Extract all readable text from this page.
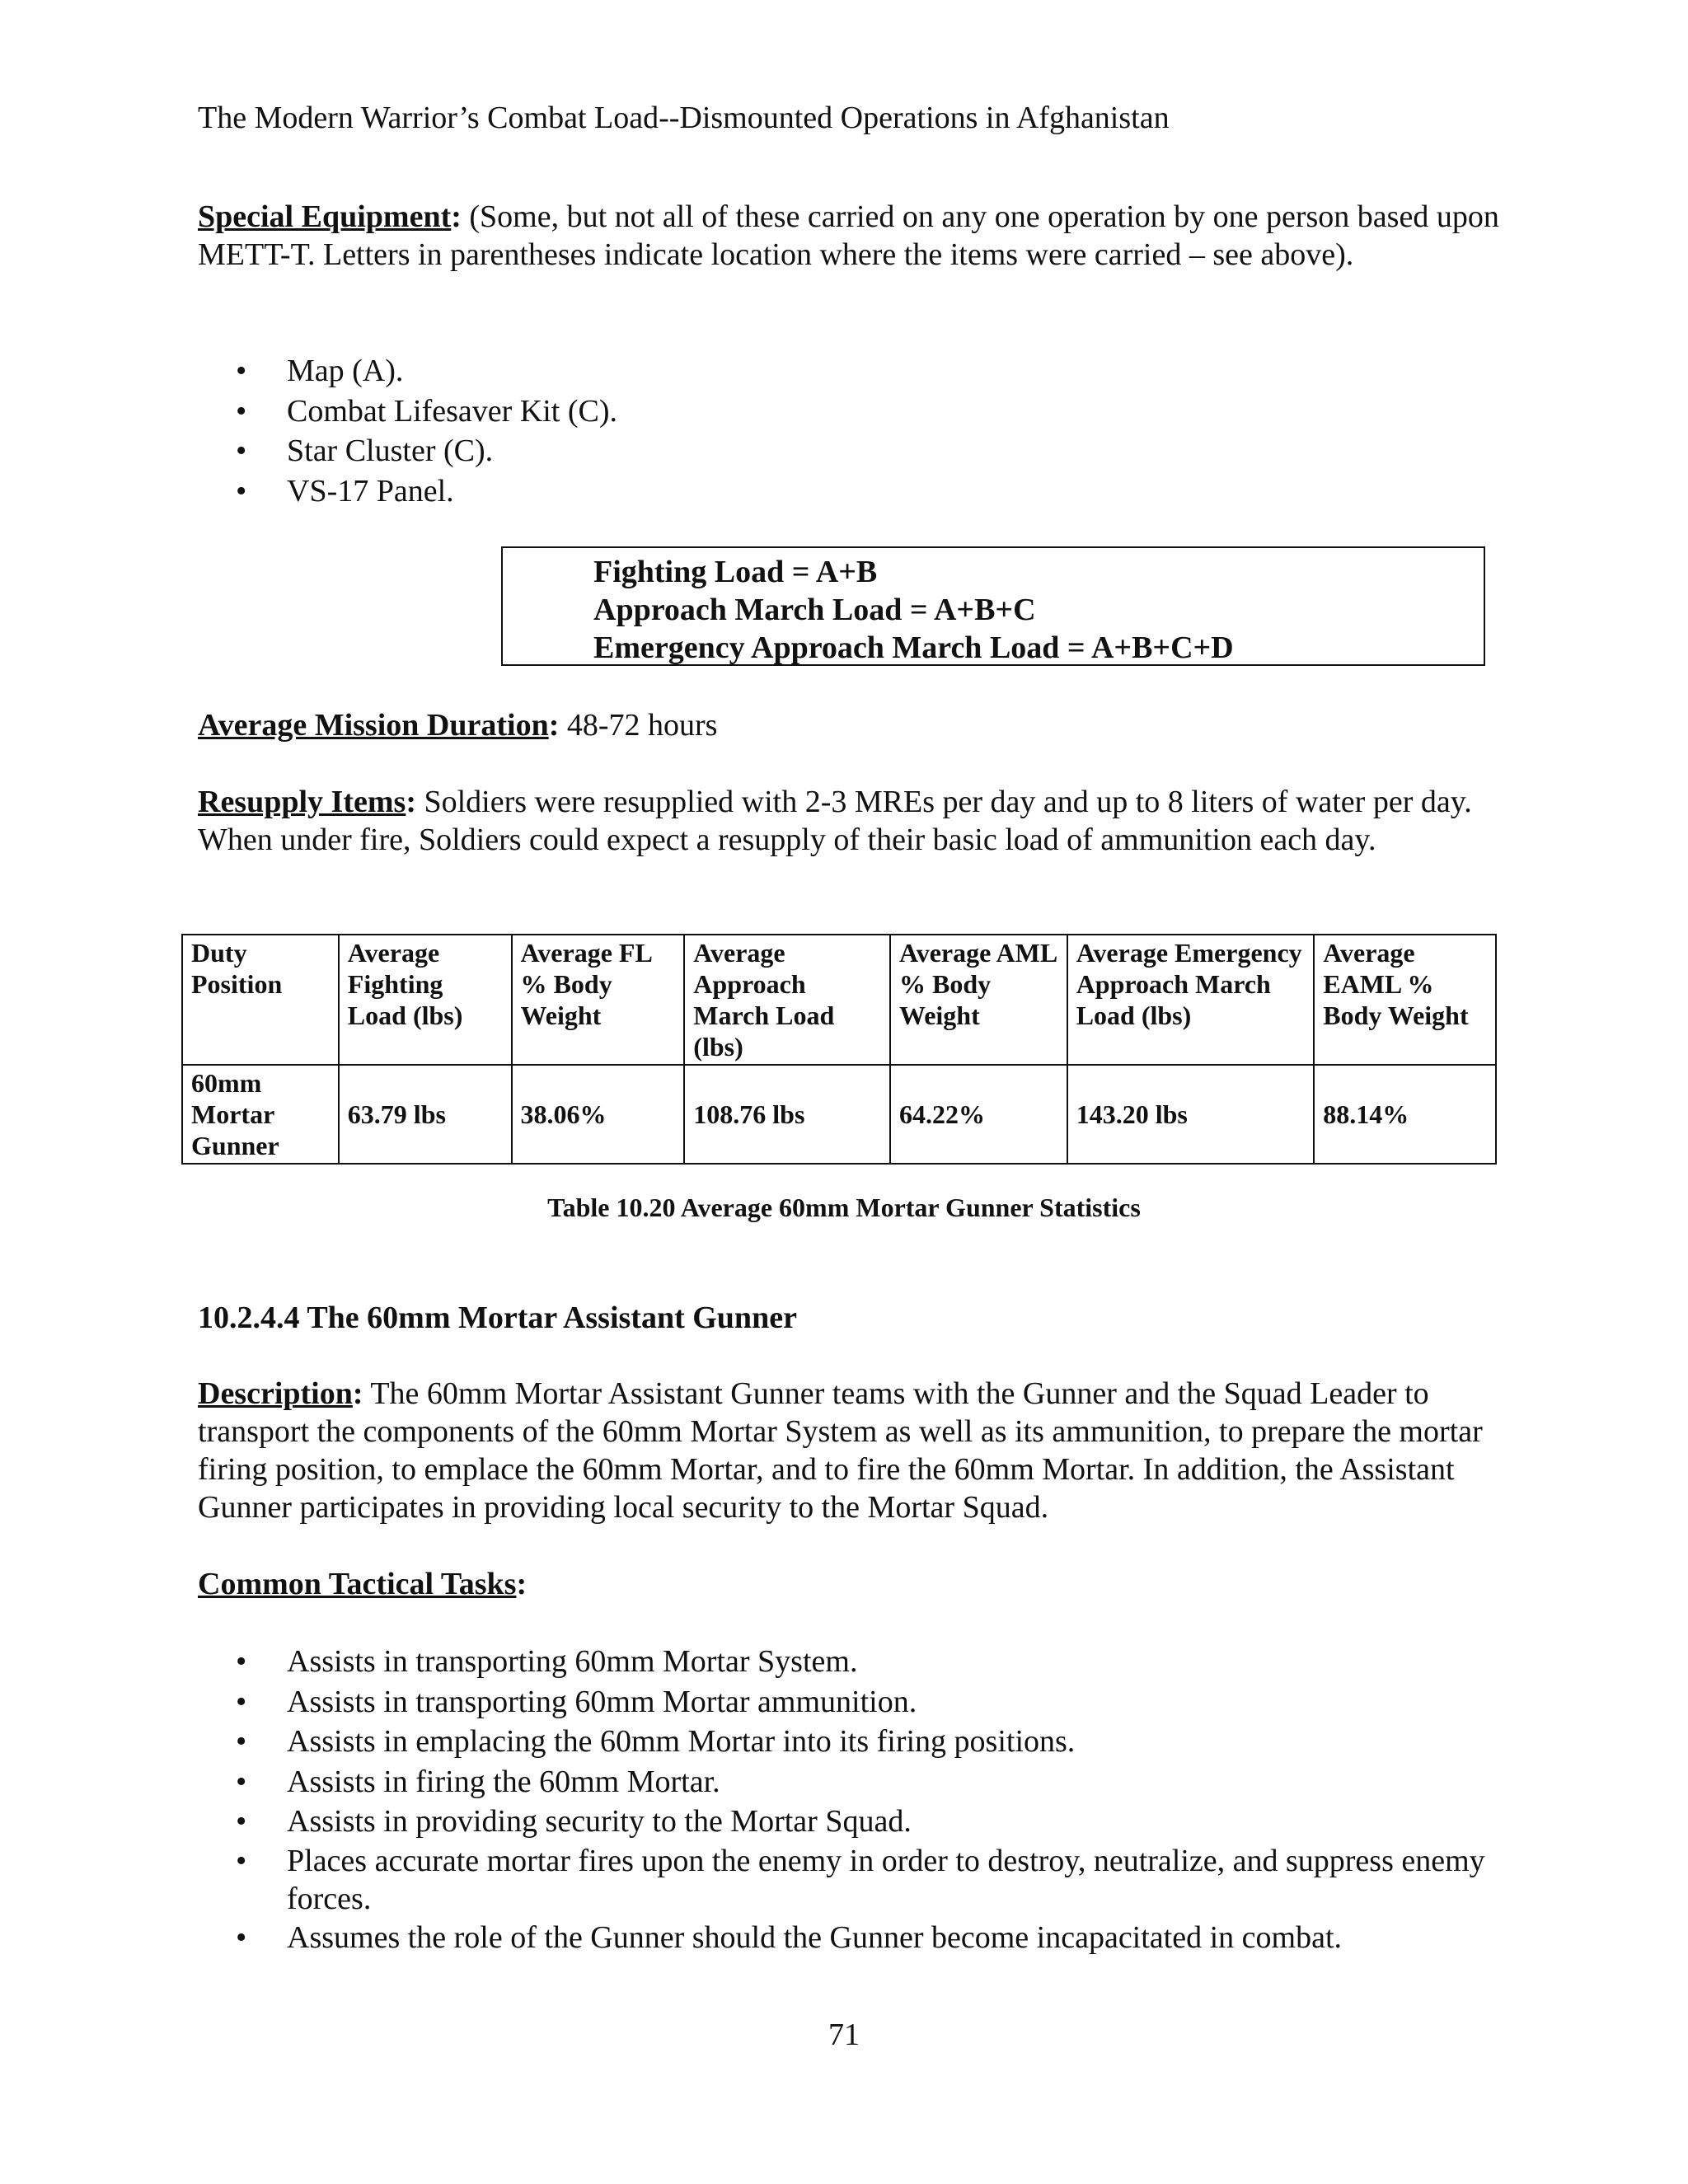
The Modern Warrior’s Combat Load--Dismounted Operations in Afghanistan
Special Equipment: (Some, but not all of these carried on any one operation by one person based upon METT-T. Letters in parentheses indicate location where the items were carried – see above).
• Map (A).
• Combat Lifesaver Kit (C).
• Star Cluster (C).
• VS-17 Panel.
Fighting Load = A+B
Approach March Load = A+B+C
Emergency Approach March Load = A+B+C+D
Average Mission Duration: 48-72 hours
Resupply Items: Soldiers were resupplied with 2-3 MREs per day and up to 8 liters of water per day. When under fire, Soldiers could expect a resupply of their basic load of ammunition each day.
Duty Position	Average Fighting Load (lbs)	Average FL % Body Weight	Average Approach March Load (lbs)	Average AML % Body Weight	Average Emergency Approach March Load (lbs)	Average EAML % Body Weight
60mm Mortar Gunner	63.79 lbs	38.06%	108.76 lbs	64.22%	143.20 lbs	88.14%
Table 10.20 Average 60mm Mortar Gunner Statistics
10.2.4.4 The 60mm Mortar Assistant Gunner
Description: The 60mm Mortar Assistant Gunner teams with the Gunner and the Squad Leader to transport the components of the 60mm Mortar System as well as its ammunition, to prepare the mortar firing position, to emplace the 60mm Mortar, and to fire the 60mm Mortar. In addition, the Assistant Gunner participates in providing local security to the Mortar Squad.
Common Tactical Tasks:
• Assists in transporting 60mm Mortar System.
• Assists in transporting 60mm Mortar ammunition.
• Assists in emplacing the 60mm Mortar into its firing positions.
• Assists in firing the 60mm Mortar.
• Assists in providing security to the Mortar Squad.
• Places accurate mortar fires upon the enemy in order to destroy, neutralize, and suppress enemy forces.
• Assumes the role of the Gunner should the Gunner become incapacitated in combat.
71
